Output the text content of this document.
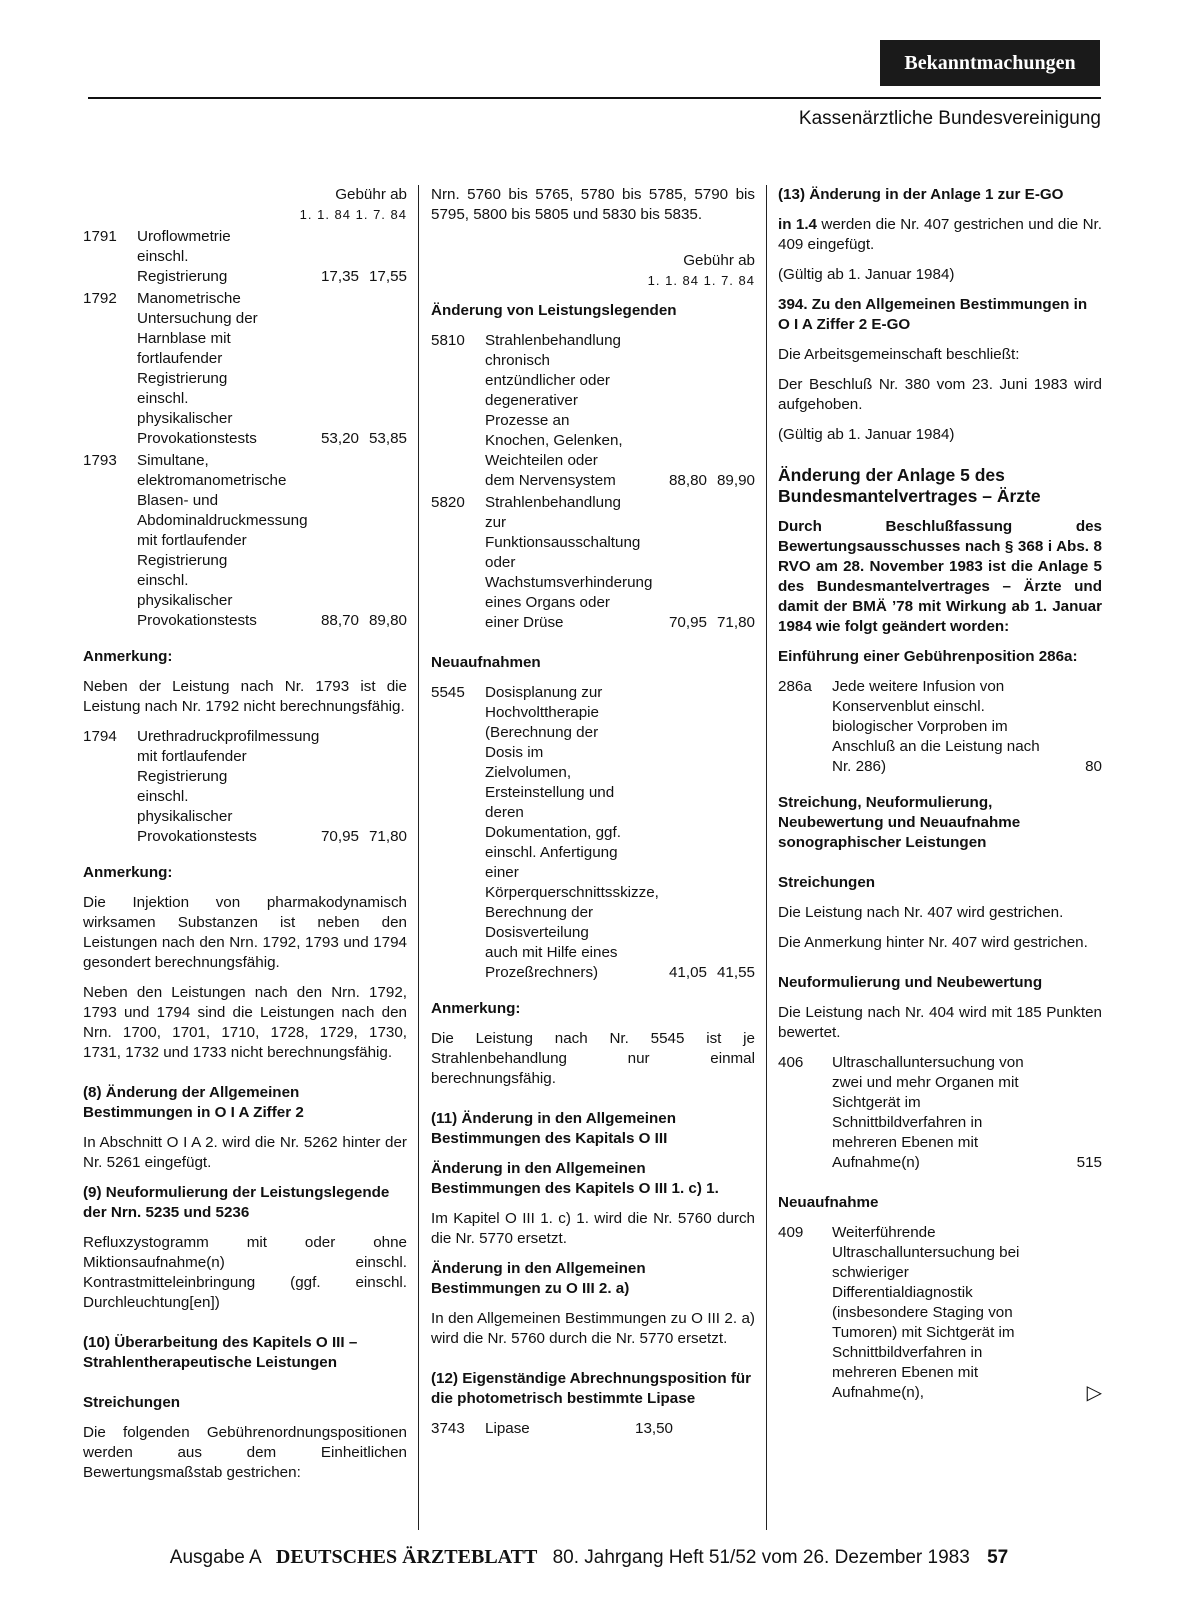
Bekanntmachungen
Kassenärztliche Bundesvereinigung
Gebühr ab
1. 1. 84 1. 7. 84
1791	Uroflowmetrie einschl. Registrierung	17,35 17,55
1792	Manometrische Untersuchung der Harnblase mit fortlaufender Registrierung einschl. physikalischer Provokationstests	53,20 53,85
1793	Simultane, elektromanometrische Blasen- und Abdominaldruckmessung mit fortlaufender Registrierung einschl. physikalischer Provokationstests	88,70 89,80
Anmerkung:
Neben der Leistung nach Nr. 1793 ist die Leistung nach Nr. 1792 nicht berechnungsfähig.
1794	Urethradruckprofilmessung mit fortlaufender Registrierung einschl. physikalischer Provokationstests	70,95 71,80
Anmerkung:
Die Injektion von pharmakodynamisch wirksamen Substanzen ist neben den Leistungen nach den Nrn. 1792, 1793 und 1794 gesondert berechnungsfähig.
Neben den Leistungen nach den Nrn. 1792, 1793 und 1794 sind die Leistungen nach den Nrn. 1700, 1701, 1710, 1728, 1729, 1730, 1731, 1732 und 1733 nicht berechnungsfähig.
(8) Änderung der Allgemeinen Bestimmungen in O I A Ziffer 2
In Abschnitt O I A 2. wird die Nr. 5262 hinter der Nr. 5261 eingefügt.
(9) Neuformulierung der Leistungslegende der Nrn. 5235 und 5236
Refluxzystogramm mit oder ohne Miktionsaufnahme(n) einschl. Kontrastmitteleinbringung (ggf. einschl. Durchleuchtung[en])
(10) Überarbeitung des Kapitels O III – Strahlentherapeutische Leistungen
Streichungen
Die folgenden Gebührenordnungspositionen werden aus dem Einheitlichen Bewertungsmaßstab gestrichen:
Nrn. 5760 bis 5765, 5780 bis 5785, 5790 bis 5795, 5800 bis 5805 und 5830 bis 5835.
Gebühr ab
1. 1. 84 1. 7. 84
Änderung von Leistungslegenden
5810	Strahlenbehandlung chronisch entzündlicher oder degenerativer Prozesse an Knochen, Gelenken, Weichteilen oder dem Nervensystem	88,80 89,90
5820	Strahlenbehandlung zur Funktionsausschaltung oder Wachstumsverhinderung eines Organs oder einer Drüse	70,95 71,80
Neuaufnahmen
5545	Dosisplanung zur Hochvolttherapie (Berechnung der Dosis im Zielvolumen, Ersteinstellung und deren Dokumentation, ggf. einschl. Anfertigung einer Körperquerschnittsskizze, Berechnung der Dosisverteilung auch mit Hilfe eines Prozeßrechners)	41,05 41,55
Anmerkung:
Die Leistung nach Nr. 5545 ist je Strahlenbehandlung nur einmal berechnungsfähig.
(11) Änderung in den Allgemeinen Bestimmungen des Kapitals O III
Änderung in den Allgemeinen Bestimmungen des Kapitels O III 1. c) 1.
Im Kapitel O III 1. c) 1. wird die Nr. 5760 durch die Nr. 5770 ersetzt.
Änderung in den Allgemeinen Bestimmungen zu O III 2. a)
In den Allgemeinen Bestimmungen zu O III 2. a) wird die Nr. 5760 durch die Nr. 5770 ersetzt.
(12) Eigenständige Abrechnungsposition für die photometrisch bestimmte Lipase
3743	Lipase	13,50
(13) Änderung in der Anlage 1 zur E-GO
in 1.4 werden die Nr. 407 gestrichen und die Nr. 409 eingefügt.
(Gültig ab 1. Januar 1984)
394. Zu den Allgemeinen Bestimmungen in O I A Ziffer 2 E-GO
Die Arbeitsgemeinschaft beschließt:
Der Beschluß Nr. 380 vom 23. Juni 1983 wird aufgehoben.
(Gültig ab 1. Januar 1984)
Änderung der Anlage 5 des Bundesmantelvertrages – Ärzte
Durch Beschlußfassung des Bewertungsausschusses nach § 368 i Abs. 8 RVO am 28. November 1983 ist die Anlage 5 des Bundesmantelvertrages – Ärzte und damit der BMÄ ’78 mit Wirkung ab 1. Januar 1984 wie folgt geändert worden:
Einführung einer Gebührenposition 286a:
286a	Jede weitere Infusion von Konservenblut einschl. biologischer Vorproben im Anschluß an die Leistung nach Nr. 286)	80
Streichung, Neuformulierung, Neubewertung und Neuaufnahme sonographischer Leistungen
Streichungen
Die Leistung nach Nr. 407 wird gestrichen.
Die Anmerkung hinter Nr. 407 wird gestrichen.
Neuformulierung und Neubewertung
Die Leistung nach Nr. 404 wird mit 185 Punkten bewertet.
406	Ultraschalluntersuchung von zwei und mehr Organen mit Sichtgerät im Schnittbildverfahren in mehreren Ebenen mit Aufnahme(n)	515
Neuaufnahme
409	Weiterführende Ultraschalluntersuchung bei schwieriger Differentialdiagnostik (insbesondere Staging von Tumoren) mit Sichtgerät im Schnittbildverfahren in mehreren Ebenen mit Aufnahme(n),	▷
Ausgabe A DEUTSCHES ÄRZTEBLATT 80. Jahrgang Heft 51/52 vom 26. Dezember 1983 57
